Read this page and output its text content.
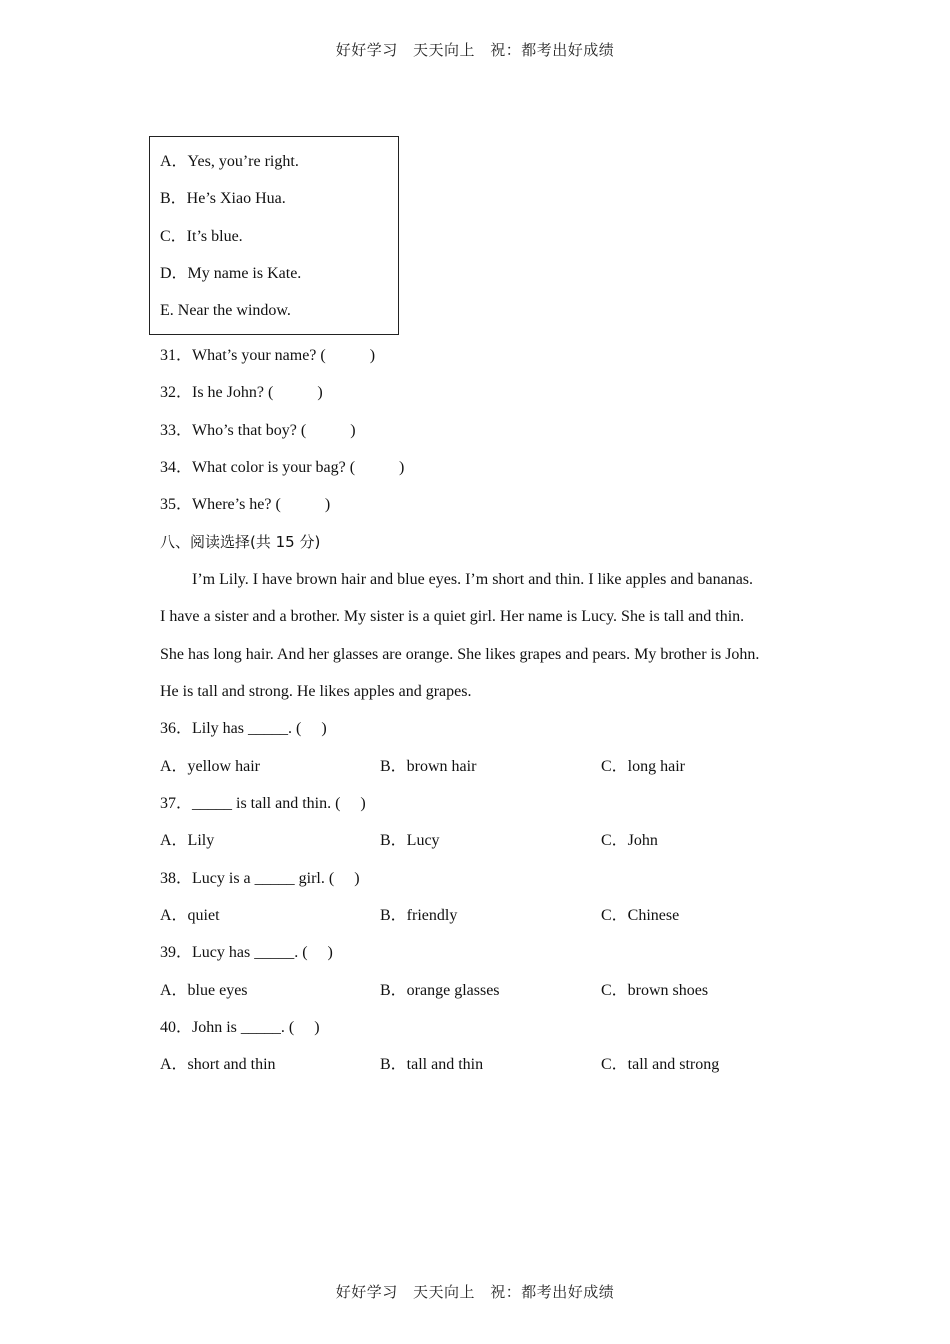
好好学习 天天向上 祝：都考出好成绩
A．Yes, you’re right.
B．He’s Xiao Hua.
C．It’s blue.
D．My name is Kate.
E. Near the window.
31．What’s your name? (           )
32．Is he John? (           )
33．Who’s that boy? (           )
34．What color is your bag? (           )
35．Where’s he? (           )
八、阅读选择(共 15 分)
I’m Lily. I have brown hair and blue eyes. I’m short and thin. I like apples and bananas.
I have a sister and a brother. My sister is a quiet girl. Her name is Lucy. She is tall and thin.
She has long hair. And her glasses are orange. She likes grapes and pears. My brother is John.
He is tall and strong. He likes apples and grapes.
36．Lily has _____. (     )
A．yellow hair	B．brown hair	C．long hair
37．_____ is tall and thin. (     )
A．Lily	B．Lucy	C．John
38．Lucy is a _____ girl. (     )
A．quiet	B．friendly	C．Chinese
39．Lucy has _____. (     )
A．blue eyes	B．orange glasses	C．brown shoes
40．John is _____. (     )
A．short and thin	B．tall and thin	C．tall and strong
好好学习 天天向上 祝：都考出好成绩
